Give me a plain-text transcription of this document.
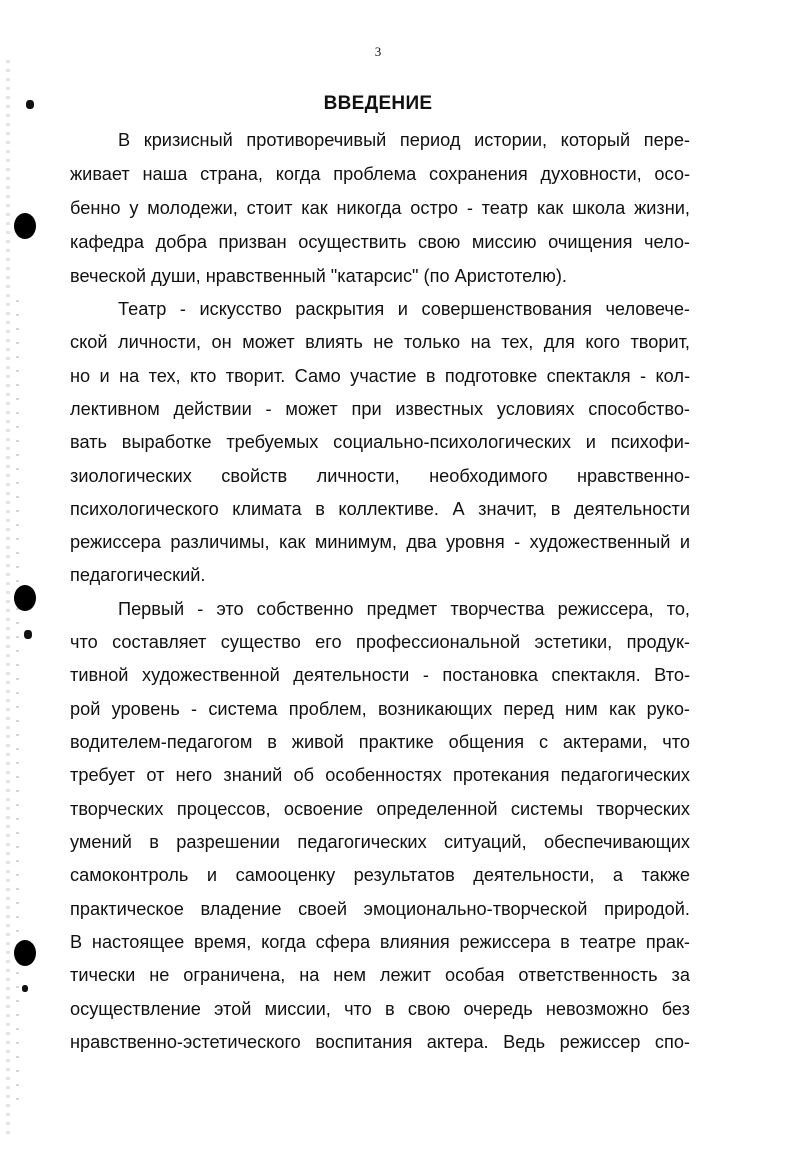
3
ВВЕДЕНИЕ
В кризисный противоречивый период истории, который пере-
живает наша страна, когда проблема сохранения духовности, осо-
бенно у молодежи, стоит как никогда остро - театр как школа жизни,
кафедра добра призван осуществить свою миссию очищения чело-
веческой души, нравственный "катарсис" (по Аристотелю).
Театр - искусство раскрытия и совершенствования человече-
ской личности, он может влиять не только на тех, для кого творит,
но и на тех, кто творит. Само участие в подготовке спектакля - кол-
лективном действии - может при известных условиях способство-
вать выработке требуемых социально-психологических и психофи-
зиологических свойств личности, необходимого нравственно-
психологического климата в коллективе. А значит, в деятельности
режиссера различимы, как минимум, два уровня - художественный и
педагогический.
Первый - это собственно предмет творчества режиссера, то,
что составляет существо его профессиональной эстетики, продук-
тивной художественной деятельности - постановка спектакля. Вто-
рой уровень - система проблем, возникающих перед ним как руко-
водителем-педагогом в живой практике общения с актерами, что
требует от него знаний об особенностях протекания педагогических
творческих процессов, освоение определенной системы творческих
умений в разрешении педагогических ситуаций, обеспечивающих
самоконтроль и самооценку результатов деятельности, а также
практическое владение своей эмоционально-творческой природой.
В настоящее время, когда сфера влияния режиссера в театре прак-
тически не ограничена, на нем лежит особая ответственность за
осуществление этой миссии, что в свою очередь невозможно без
нравственно-эстетического воспитания актера. Ведь режиссер спо-
